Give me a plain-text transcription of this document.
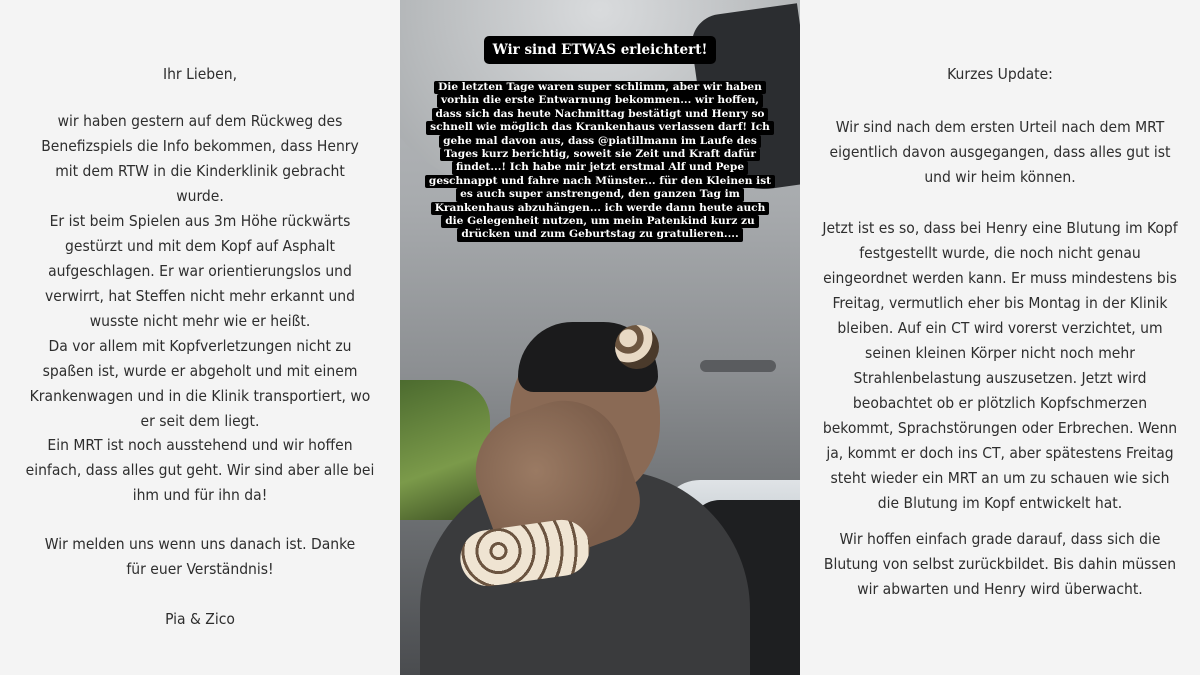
Ihr Lieben,

wir haben gestern auf dem Rückweg des Benefizspiels die Info bekommen, dass Henry mit dem RTW in die Kinderklinik gebracht wurde.

Er ist beim Spielen aus 3m Höhe rückwärts gestürzt und mit dem Kopf auf Asphalt aufgeschlagen. Er war orientierungslos und verwirrt, hat Steffen nicht mehr erkannt und wusste nicht mehr wie er heißt.

Da vor allem mit Kopfverletzungen nicht zu spaßen ist, wurde er abgeholt und mit einem Krankenwagen und in die Klinik transportiert, wo er seit dem liegt.

Ein MRT ist noch ausstehend und wir hoffen einfach, dass alles gut geht. Wir sind aber alle bei ihm und für ihn da!

Wir melden uns wenn uns danach ist. Danke für euer Verständnis!

Pia & Zico

Wir sind ETWAS erleichtert!
Die letzten Tage waren super schlimm, aber wir haben
vorhin die erste Entwarnung bekommen... wir hoffen,
dass sich das heute Nachmittag bestätigt und Henry so
schnell wie möglich das Krankenhaus verlassen darf! Ich
gehe mal davon aus, dass @piatillmann im Laufe des
Tages kurz berichtig, soweit sie Zeit und Kraft dafür
findet...! Ich habe mir jetzt erstmal Alf und Pepe
geschnappt und fahre nach Münster... für den Kleinen ist
es auch super anstrengend, den ganzen Tag im
Krankenhaus abzuhängen... ich werde dann heute auch
die Gelegenheit nutzen, um mein Patenkind kurz zu
drücken und zum Geburtstag zu gratulieren....

Kurzes Update:

Wir sind nach dem ersten Urteil nach dem MRT eigentlich davon ausgegangen, dass alles gut ist und wir heim können.

Jetzt ist es so, dass bei Henry eine Blutung im Kopf festgestellt wurde, die noch nicht genau eingeordnet werden kann. Er muss mindestens bis Freitag, vermutlich eher bis Montag in der Klinik bleiben. Auf ein CT wird vorerst verzichtet, um seinen kleinen Körper nicht noch mehr Strahlenbelastung auszusetzen. Jetzt wird beobachtet ob er plötzlich Kopfschmerzen bekommt, Sprachstörungen oder Erbrechen. Wenn ja, kommt er doch ins CT, aber spätestens Freitag steht wieder ein MRT an um zu schauen wie sich die Blutung im Kopf entwickelt hat.

Wir hoffen einfach grade darauf, dass sich die Blutung von selbst zurückbildet. Bis dahin müssen wir abwarten und Henry wird überwacht.
